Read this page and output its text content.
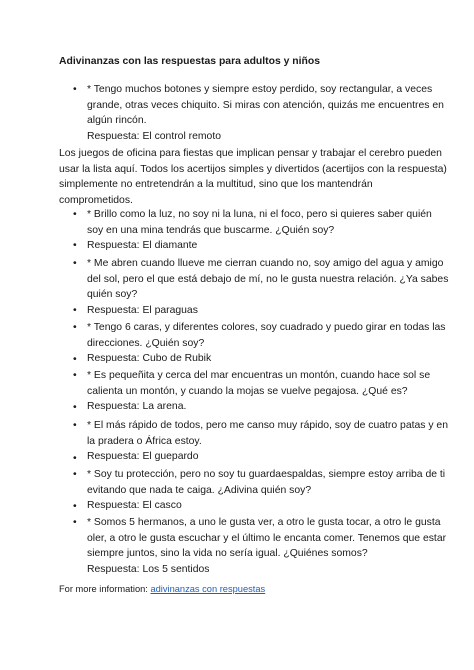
Adivinanzas con las respuestas para adultos y niños
• * Tengo muchos botones y siempre estoy perdido, soy rectangular, a veces
grande, otras veces chiquito. Si miras con atención, quizás me encuentres en
algún rincón.
Respuesta: El control remoto
Los juegos de oficina para fiestas que implican pensar y trabajar el cerebro pueden
usar la lista aquí. Todos los acertijos simples y divertidos (acertijos con la respuesta)
simplemente no entretendrán a la multitud, sino que los mantendrán
comprometidos.
• * Brillo como la luz, no soy ni la luna, ni el foco, pero si quieres saber quién
soy en una mina tendrás que buscarme. ¿Quién soy?
Respuesta: El diamante
•
• * Me abren cuando llueve me cierran cuando no, soy amigo del agua y amigo
del sol, pero el que está debajo de mí, no le gusta nuestra relación. ¿Ya sabes
quién soy?
Respuesta: El paraguas
•
• * Tengo 6 caras, y diferentes colores, soy cuadrado y puedo girar en todas las
direcciones. ¿Quién soy?
Respuesta: Cubo de Rubik
•
• * Es pequeñita y cerca del mar encuentras un montón, cuando hace sol se
calienta un montón, y cuando la mojas se vuelve pegajosa. ¿Qué es?
Respuesta: La arena.
•
• * El más rápido de todos, pero me canso muy rápido, soy de cuatro patas y en
la pradera o África estoy.
Respuesta: El guepardo
•
• * Soy tu protección, pero no soy tu guardaespaldas, siempre estoy arriba de ti
evitando que nada te caiga. ¿Adivina quién soy?
Respuesta: El casco
•
• * Somos 5 hermanos, a uno le gusta ver, a otro le gusta tocar, a otro le gusta
oler, a otro le gusta escuchar y el último le encanta comer. Tenemos que estar
siempre juntos, sino la vida no sería igual. ¿Quiénes somos?
Respuesta: Los 5 sentidos
For more information: adivinanzas con respuestas
